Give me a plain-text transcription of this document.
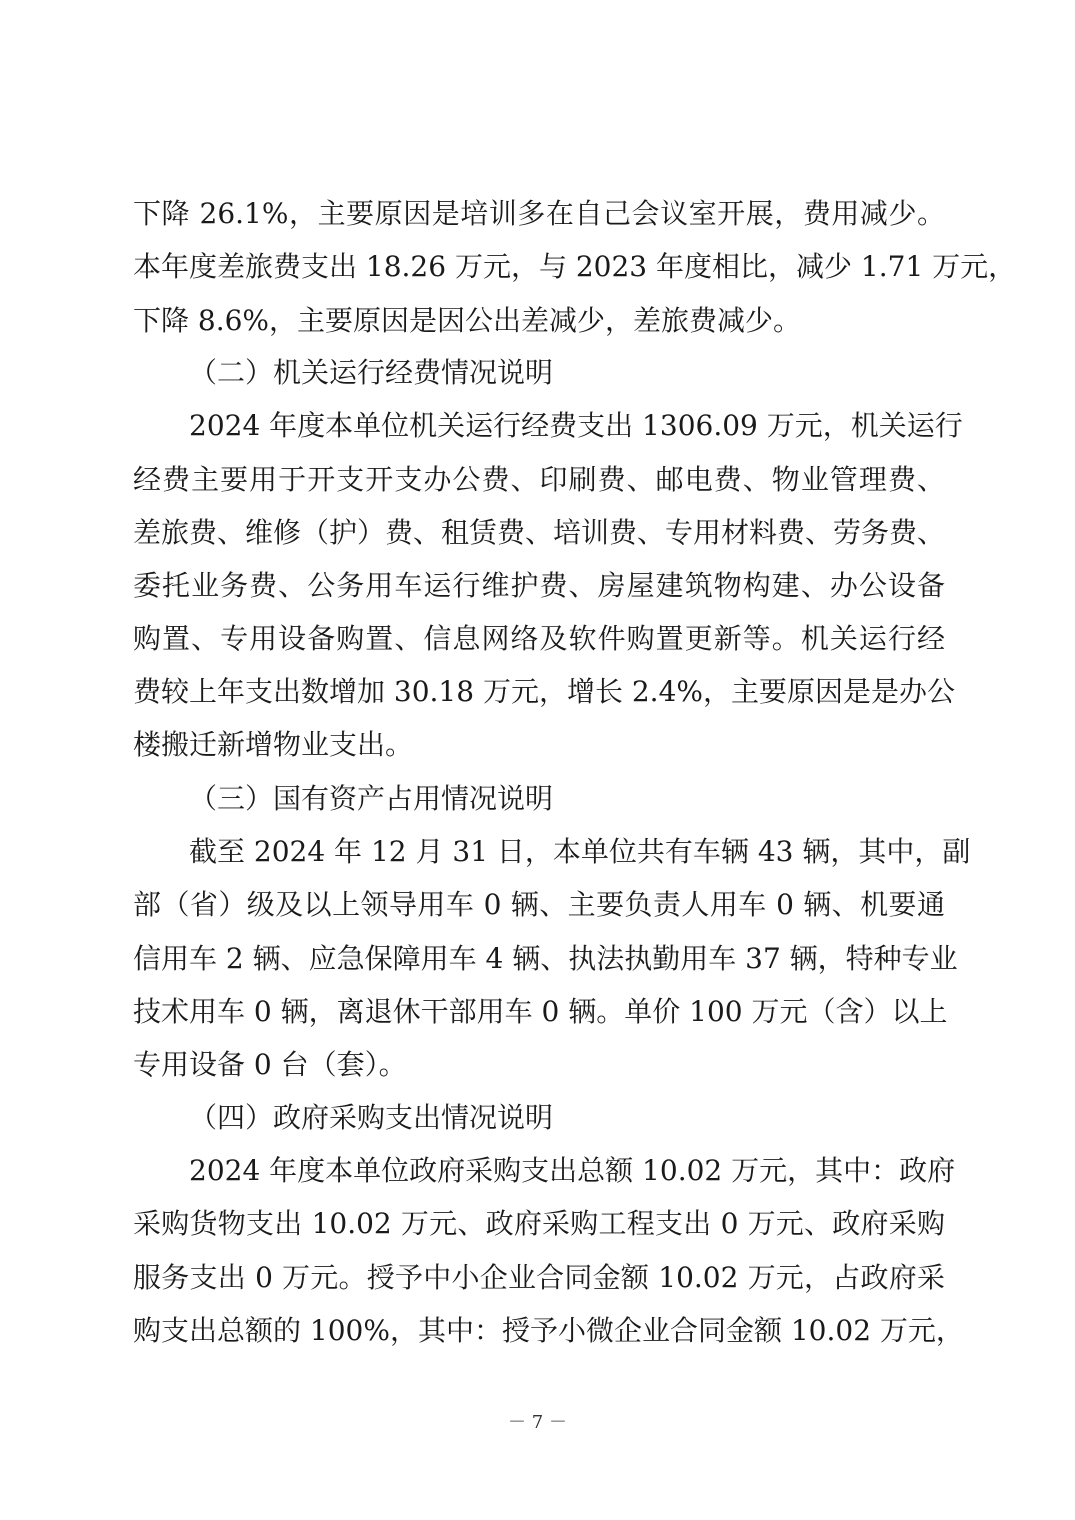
下降 26.1%，主要原因是培训多在自己会议室开展，费用减少。
本年度差旅费支出 18.26 万元，与 2023 年度相比，减少 1.71 万元，
下降 8.6%，主要原因是因公出差减少，差旅费减少。
（二）机关运行经费情况说明
2024 年度本单位机关运行经费支出 1306.09 万元，机关运行
经费主要用于开支开支办公费、印刷费、邮电费、物业管理费、
差旅费、维修（护）费、租赁费、培训费、专用材料费、劳务费、
委托业务费、公务用车运行维护费、房屋建筑物构建、办公设备
购置、专用设备购置、信息网络及软件购置更新等。机关运行经
费较上年支出数增加 30.18 万元，增长 2.4%，主要原因是是办公
楼搬迁新增物业支出。
（三）国有资产占用情况说明
截至 2024 年 12 月 31 日，本单位共有车辆 43 辆，其中，副
部（省）级及以上领导用车 0 辆、主要负责人用车 0 辆、机要通
信用车 2 辆、应急保障用车 4 辆、执法执勤用车 37 辆，特种专业
技术用车 0 辆，离退休干部用车 0 辆。单价 100 万元（含）以上
专用设备 0 台（套）。
（四）政府采购支出情况说明
2024 年度本单位政府采购支出总额 10.02 万元，其中：政府
采购货物支出 10.02 万元、政府采购工程支出 0 万元、政府采购
服务支出 0 万元。授予中小企业合同金额 10.02 万元，占政府采
购支出总额的 100%，其中：授予小微企业合同金额 10.02 万元，
－ 7 －
